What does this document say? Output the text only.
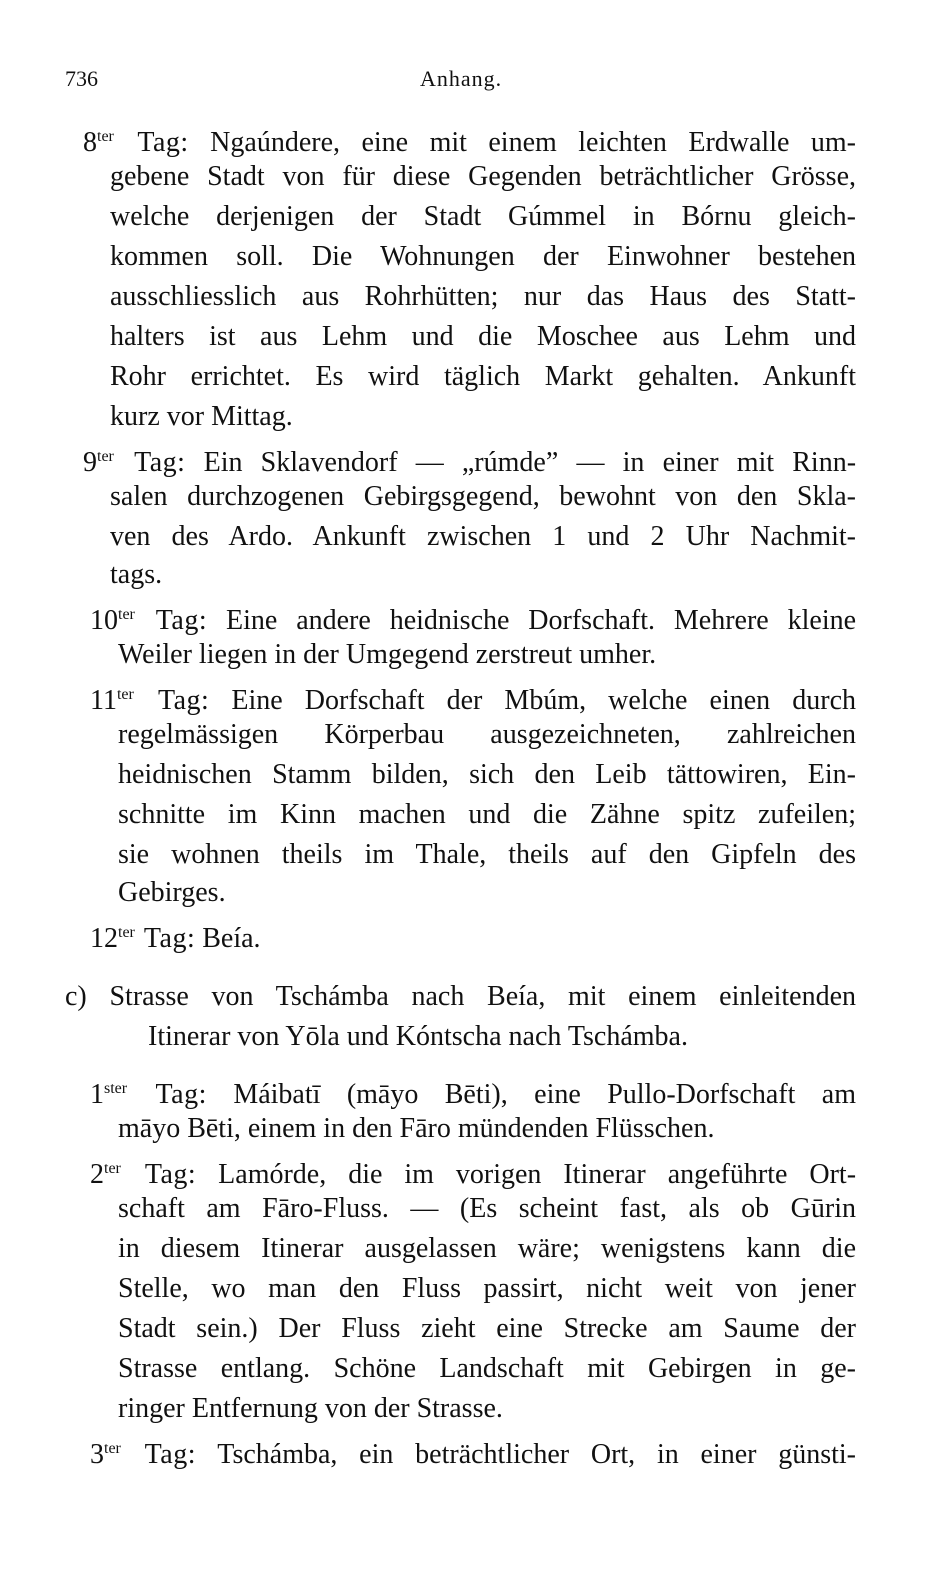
736	Anhang.
$8^{ter}$ Tag: Ngaúndere, eine mit einem leichten Erdwalle um-
gebene Stadt von für diese Gegenden beträchtlicher Grösse,
welche derjenigen der Stadt Gúmmel in Bórnu gleich-
kommen soll. Die Wohnungen der Einwohner bestehen
ausschliesslich aus Rohrhütten; nur das Haus des Statt-
halters ist aus Lehm und die Moschee aus Lehm und
Rohr errichtet. Es wird täglich Markt gehalten. Ankunft
kurz vor Mittag.
$9^{ter}$ Tag: Ein Sklavendorf — „rúmde” — in einer mit Rinn-
salen durchzogenen Gebirgsgegend, bewohnt von den Skla-
ven des Ardo. Ankunft zwischen 1 und 2 Uhr Nachmit-
tags.
$10^{ter}$ Tag: Eine andere heidnische Dorfschaft. Mehrere kleine
Weiler liegen in der Umgegend zerstreut umher.
$11^{ter}$ Tag: Eine Dorfschaft der Mbúm, welche einen durch
regelmässigen Körperbau ausgezeichneten, zahlreichen
heidnischen Stamm bilden, sich den Leib tättowiren, Ein-
schnitte im Kinn machen und die Zähne spitz zufeilen;
sie wohnen theils im Thale, theils auf den Gipfeln des
Gebirges.
$12^{ter}$ Tag: Beía.
c) Strasse von Tschámba nach Beía, mit einem einleitenden
Itinerar von Yōla und Kóntscha nach Tschámba.
$1^{ster}$ Tag: Máibatī (māyo Bēti), eine Pullo-Dorfschaft am
māyo Bēti, einem in den Fāro mündenden Flüsschen.
$2^{ter}$ Tag: Lamórde, die im vorigen Itinerar angeführte Ort-
schaft am Fāro-Fluss. — (Es scheint fast, als ob Gūrin
in diesem Itinerar ausgelassen wäre; wenigstens kann die
Stelle, wo man den Fluss passirt, nicht weit von jener
Stadt sein.) Der Fluss zieht eine Strecke am Saume der
Strasse entlang. Schöne Landschaft mit Gebirgen in ge-
ringer Entfernung von der Strasse.
$3^{ter}$ Tag: Tschámba, ein beträchtlicher Ort, in einer günsti-
